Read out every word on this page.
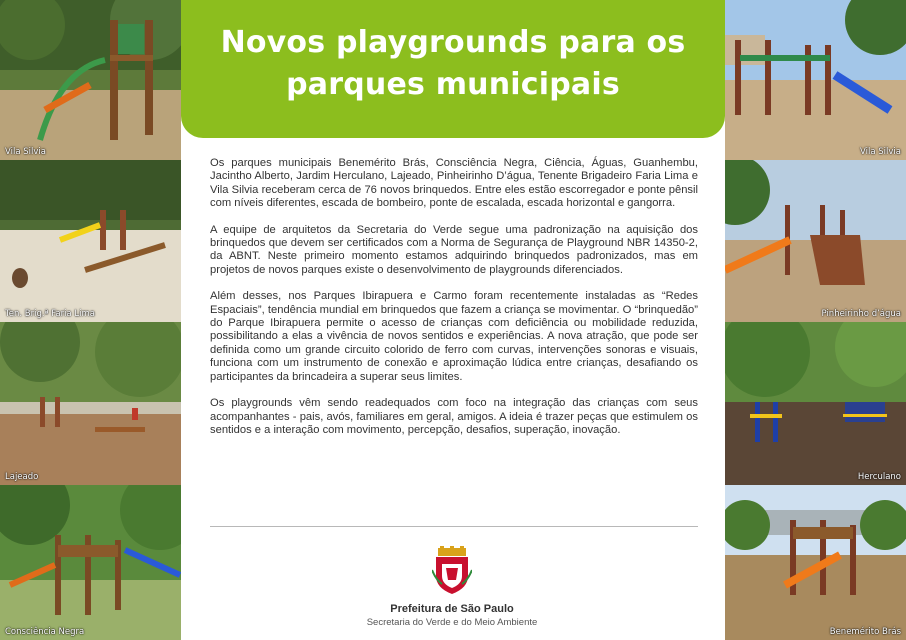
Vila Silvia
Ten. Brig.ª Faria Lima
Lajeado
Consciência Negra
Vila Silvia
Pinheirinho d’água
Herculano
Benemérito Brás
Novos playgrounds para os
parques municipais

Os parques municipais Benemérito Brás, Consciência Negra, Ciência, Águas, Guanhembu, Jacintho Alberto, Jardim Herculano, Lajeado, Pinheirinho D’água, Tenente Brigadeiro Faria Lima e Vila Silvia receberam cerca de 76 novos brinquedos. Entre eles estão escorregador e ponte pênsil com níveis diferentes, escada de bombeiro, ponte de escalada, escada horizontal e gangorra.

A equipe de arquitetos da Secretaria do Verde segue uma padronização na aquisição dos brinquedos que devem ser certificados com a Norma de Segurança de Playground NBR 14350-2, da ABNT. Neste primeiro momento estamos adquirindo brinquedos padronizados, mas em projetos de novos parques existe o desenvolvimento de playgrounds diferenciados.

Além desses, nos Parques Ibirapuera e Carmo foram recentemente instaladas as “Redes Espaciais”, tendência mundial em brinquedos que fazem a criança se movimentar. O “brinquedão” do Parque Ibirapuera permite o acesso de crianças com deficiência ou mobilidade reduzida, possibilitando a elas a vivência de novos sentidos e experiências. A nova atração, que pode ser definida como um grande circuito colorido de ferro com curvas, intervenções sonoras e visuais, funciona com um instrumento de conexão e aproximação lúdica entre crianças, desafiando os participantes da brincadeira a superar seus limites.

Os playgrounds vêm sendo readequados com foco na integração das crianças com seus acompanhantes - pais, avós, familiares em geral, amigos. A ideia é trazer peças que estimulem os sentidos e a interação com movimento, percepção, desafios, superação, inovação.

Prefeitura de São Paulo
Secretaria do Verde e do Meio Ambiente
